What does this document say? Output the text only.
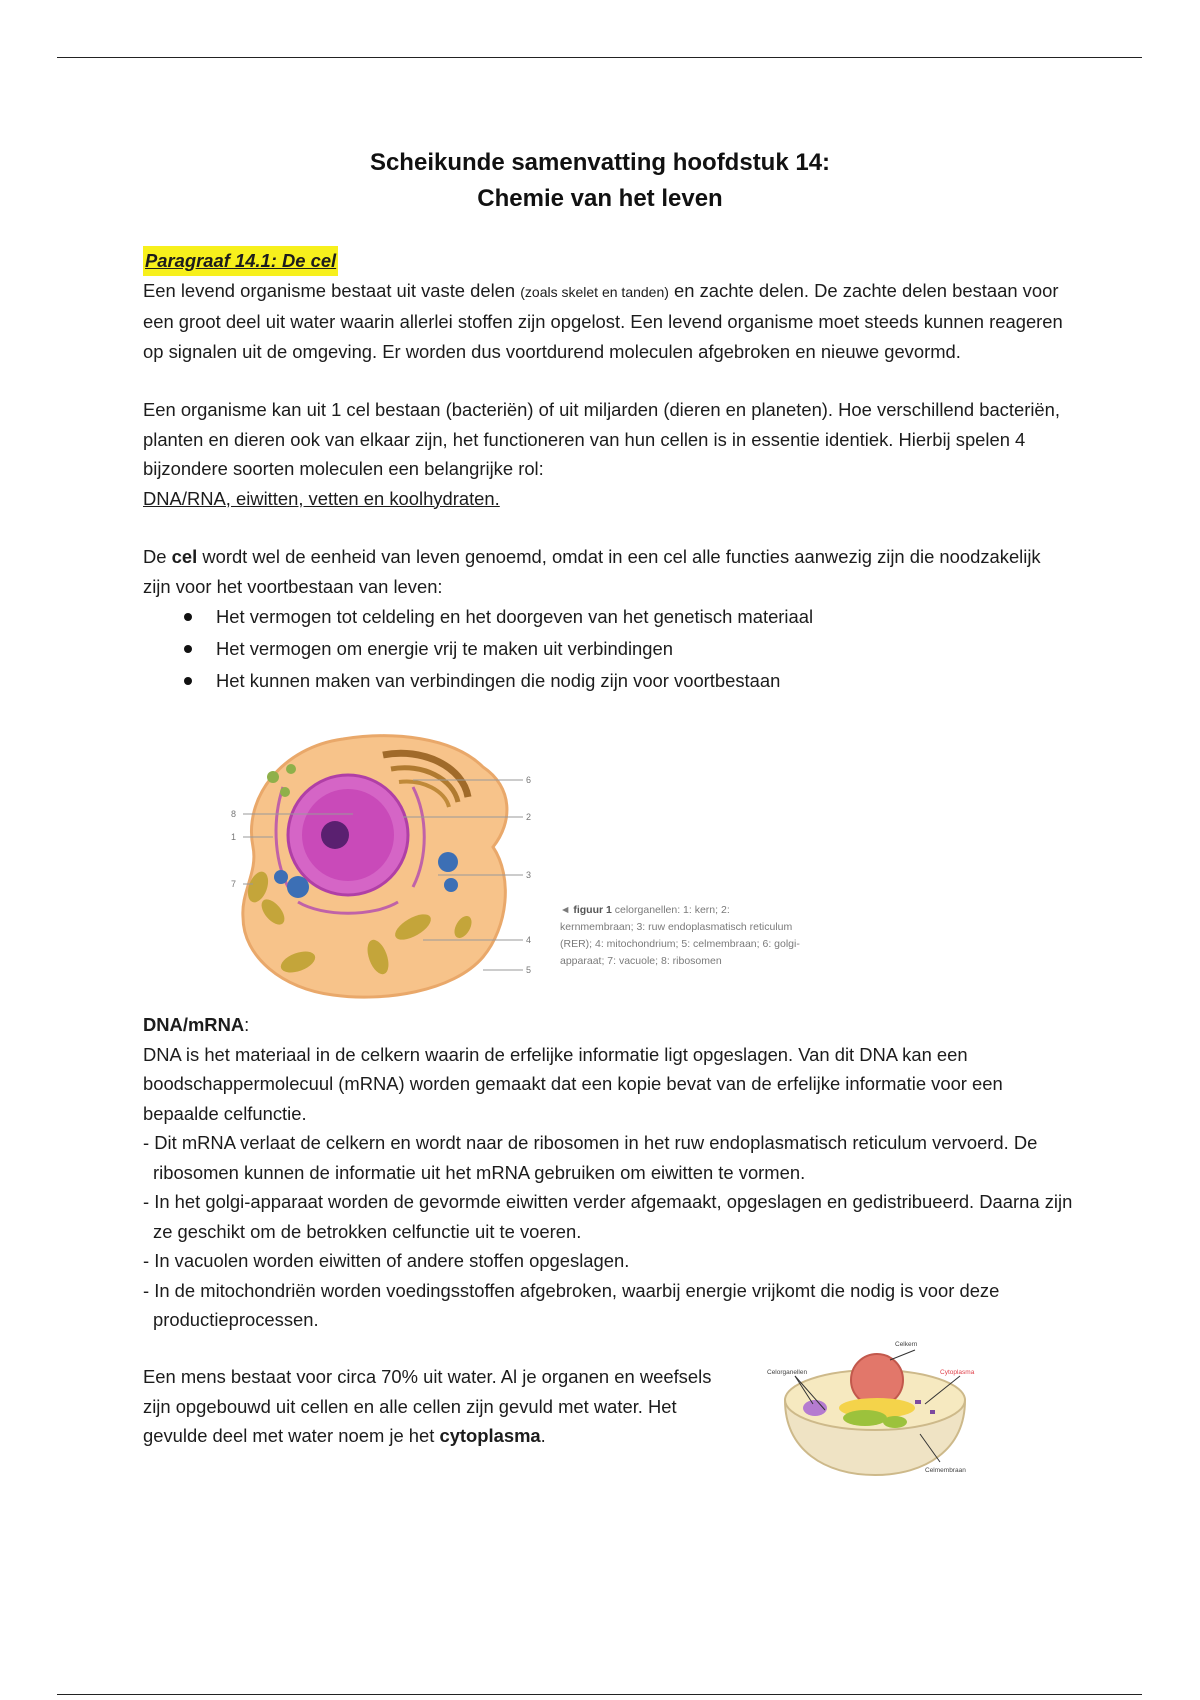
Scheikunde samenvatting hoofdstuk 14:
Chemie van het leven
Paragraaf 14.1: De cel

Een levend organisme bestaat uit vaste delen (zoals skelet en tanden) en zachte delen. De zachte delen bestaan voor een groot deel uit water waarin allerlei stoffen zijn opgelost. Een levend organisme moet steeds kunnen reageren op signalen uit de omgeving. Er worden dus voortdurend moleculen afgebroken en nieuwe gevormd.

Een organisme kan uit 1 cel bestaan (bacteriën) of uit miljarden (dieren en planeten). Hoe verschillend bacteriën, planten en dieren ook van elkaar zijn, het functioneren van hun cellen is in essentie identiek. Hierbij spelen 4 bijzondere soorten moleculen een belangrijke rol:
DNA/RNA, eiwitten, vetten en koolhydraten.

De cel wordt wel de eenheid van leven genoemd, omdat in een cel alle functies aanwezig zijn die noodzakelijk zijn voor het voortbestaan van leven:

Het vermogen tot celdeling en het doorgeven van het genetisch materiaal
Het vermogen om energie vrij te maken uit verbindingen
Het kunnen maken van verbindingen die nodig zijn voor voortbestaan
6
8	2
1
3
7
4
5
◄ figuur 1 celorganellen: 1: kern; 2: kernmembraan; 3: ruw endoplasmatisch reticulum (RER); 4: mitochondrium; 5: celmembraan; 6: golgi-apparaat; 7: vacuole; 8: ribosomen

DNA/mRNA:

DNA is het materiaal in de celkern waarin de erfelijke informatie ligt opgeslagen. Van dit DNA kan een boodschappermolecuul (mRNA) worden gemaakt dat een kopie bevat van de erfelijke informatie voor een bepaalde celfunctie.

- Dit mRNA verlaat de celkern en wordt naar de ribosomen in het ruw endoplasmatisch reticulum vervoerd. De ribosomen kunnen de informatie uit het mRNA gebruiken om eiwitten te vormen.

- In het golgi-apparaat worden de gevormde eiwitten verder afgemaakt, opgeslagen en gedistribueerd. Daarna zijn ze geschikt om de betrokken celfunctie uit te voeren.

- In vacuolen worden eiwitten of andere stoffen opgeslagen.

- In de mitochondriën worden voedingsstoffen afgebroken, waarbij energie vrijkomt die nodig is voor deze productieprocessen.

Een mens bestaat voor circa 70% uit water. Al je organen en weefsels zijn opgebouwd uit cellen en alle cellen zijn gevuld met water. Het gevulde deel met water noem je het cytoplasma.

Celkern
Celorganellen	Cytoplasma
Celmembraan
